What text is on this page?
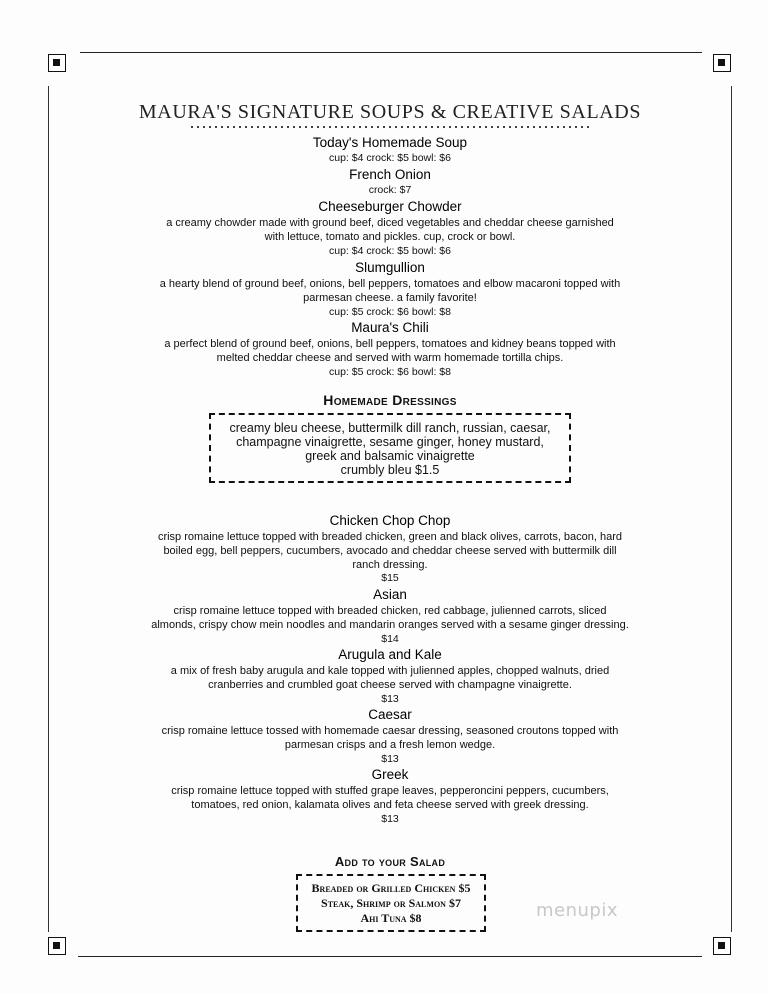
MAURA'S SIGNATURE SOUPS & CREATIVE SALADS
Today's Homemade Soup
cup: $4 crock: $5 bowl: $6
French Onion
crock: $7
Cheeseburger Chowder
a creamy chowder made with ground beef, diced vegetables and cheddar cheese garnished
with lettuce, tomato and pickles. cup, crock or bowl.
cup: $4 crock: $5 bowl: $6
Slumgullion
a hearty blend of ground beef, onions, bell peppers, tomatoes and elbow macaroni topped with
parmesan cheese. a family favorite!
cup: $5 crock: $6 bowl: $8
Maura's Chili
a perfect blend of ground beef, onions, bell peppers, tomatoes and kidney beans topped with
melted cheddar cheese and served with warm homemade tortilla chips.
cup: $5 crock: $6 bowl: $8
Homemade Dressings
creamy bleu cheese, buttermilk dill ranch, russian, caesar,
champagne vinaigrette, sesame ginger, honey mustard,
greek and balsamic vinaigrette
crumbly bleu $1.5
Chicken Chop Chop
crisp romaine lettuce topped with breaded chicken, green and black olives, carrots, bacon, hard
boiled egg, bell peppers, cucumbers, avocado and cheddar cheese served with buttermilk dill
ranch dressing.
$15
Asian
crisp romaine lettuce topped with breaded chicken, red cabbage, julienned carrots, sliced
almonds, crispy chow mein noodles and mandarin oranges served with a sesame ginger dressing.
$14
Arugula and Kale
a mix of fresh baby arugula and kale topped with julienned apples, chopped walnuts, dried
cranberries and crumbled goat cheese served with champagne vinaigrette.
$13
Caesar
crisp romaine lettuce tossed with homemade caesar dressing, seasoned croutons topped with
parmesan crisps and a fresh lemon wedge.
$13
Greek
crisp romaine lettuce topped with stuffed grape leaves, pepperoncini peppers, cucumbers,
tomatoes, red onion, kalamata olives and feta cheese served with greek dressing.
$13
Add to your Salad
Breaded or Grilled Chicken $5
Steak, Shrimp or Salmon $7
Ahi Tuna $8	menupix
